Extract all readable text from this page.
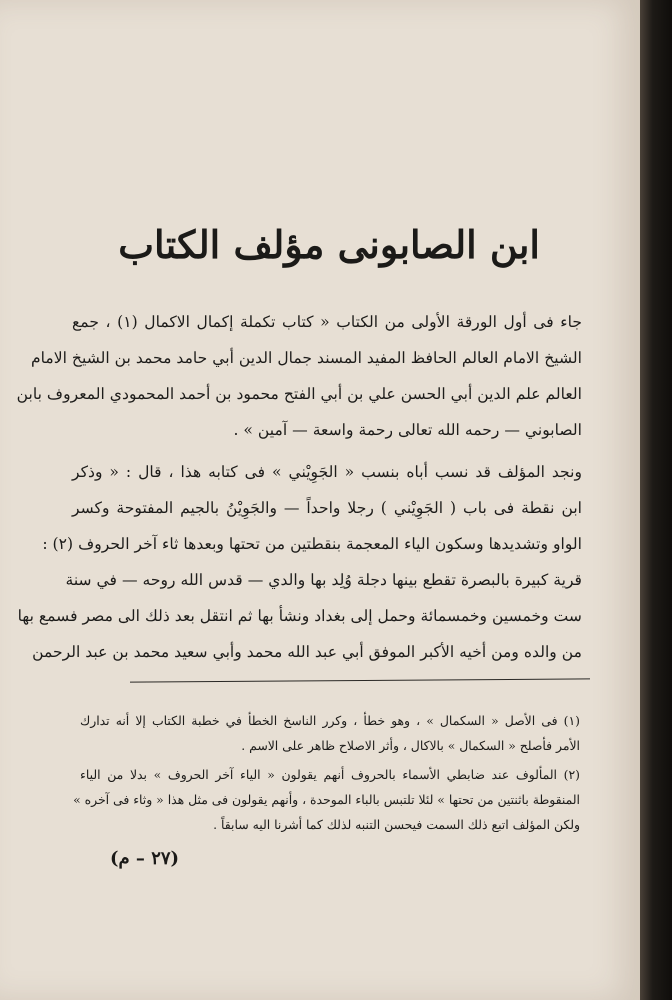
ابن الصابونى مؤلف الكتاب
جاء فى أول الورقة الأولى من الكتاب « كتاب تكملة إكمال الاكمال (١) ، جمع
الشيخ الامام العالم الحافظ المفيد المسند جمال الدين أبي حامد محمد بن الشيخ الامام
العالم علم الدين أبي الحسن علي بن أبي الفتح محمود بن أحمد المحمودي المعروف بابن
الصابوني — رحمه الله تعالى رحمة واسعة — آمين » .
ونجد المؤلف قد نسب أباه بنسب « الجَوِيْني » فى كتابه هذا ، قال : « وذكر
ابن نقطة فى باب ( الجَوِيْني ) رجلا واحداً — والجَوِيْنُ بالجيم المفتوحة وكسر
الواو وتشديدها وسكون الياء المعجمة بنقطتين من تحتها وبعدها ثاء آخر الحروف (٢) :
قرية كبيرة بالبصرة تقطع بينها دجلة وُلِد بها والدي — قدس الله روحه — في سنة
ست وخمسين وخمسمائة وحمل إلى بغداد ونشأ بها ثم انتقل بعد ذلك الى مصر فسمع بها
من والده ومن أخيه الأكبر الموفق أبي عبد الله محمد وأبي سعيد محمد بن عبد الرحمن
(١) فى الأصل « السكمال » ، وهو خطأ ، وكرر الناسخ الخطأ في خطبة الكتاب إلا أنه تدارك
الأمر فأصلح « السكمال » بالاكال ، وأثر الاصلاح ظاهر على الاسم .
(٢) المألوف عند ضابطي الأسماء بالحروف أنهم يقولون « الياء آخر الحروف » بدلا من الياء
المنقوطة باثنتين من تحتها » لئلا تلتبس بالباء الموحدة ، وأنهم يقولون فى مثل هذا « وثاء فى آخره »
ولكن المؤلف اتبع ذلك السمت فيحسن التنبه لذلك كما أشرنا اليه سابقاً .
(٢٧ – م)
